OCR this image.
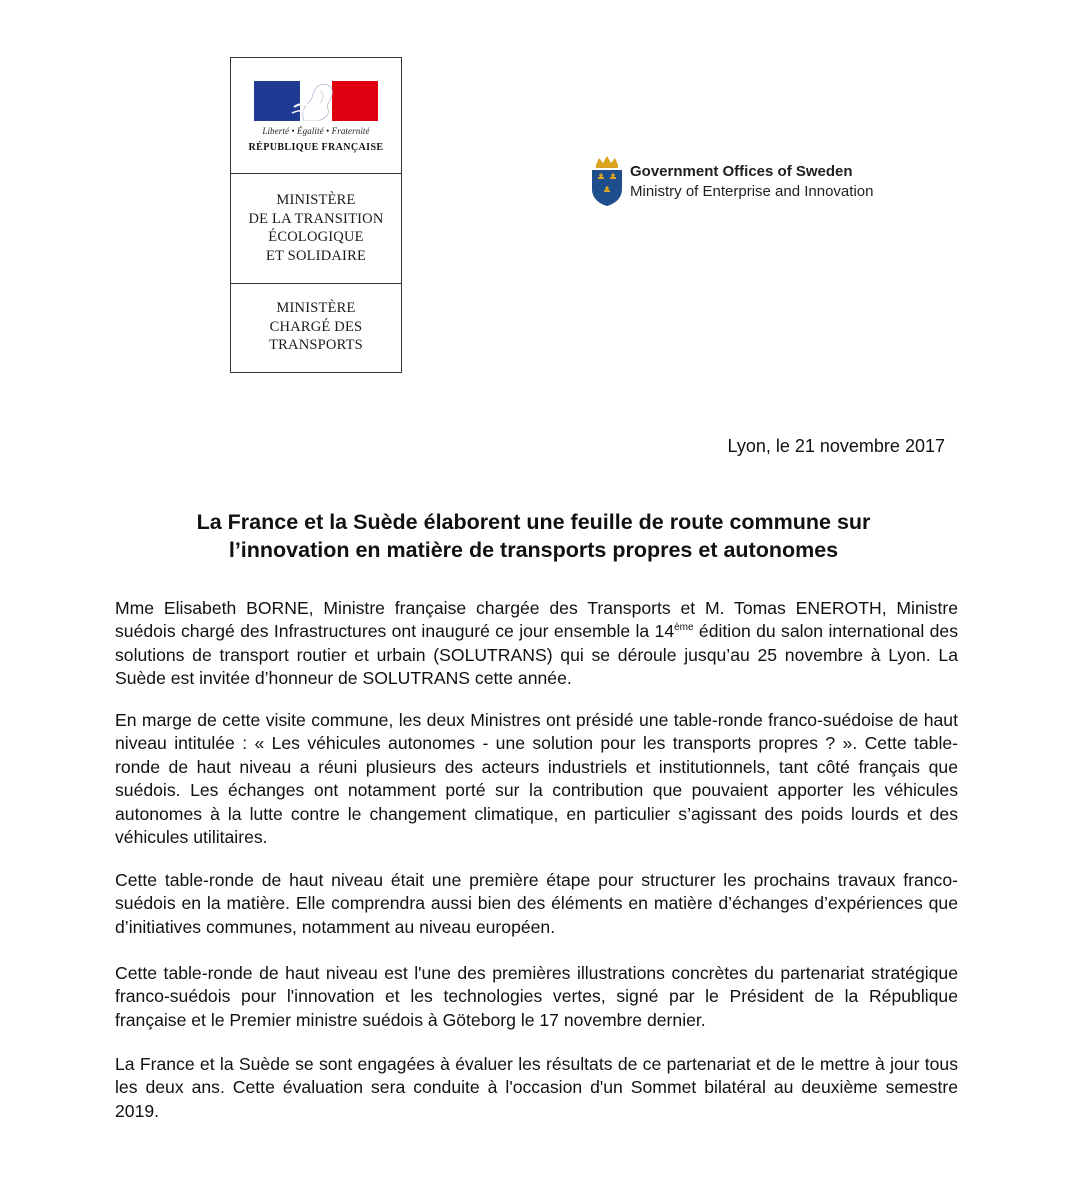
Liberté • Égalité • Fraternité
RÉPUBLIQUE FRANÇAISE
MINISTÈRE
DE LA TRANSITION
ÉCOLOGIQUE
ET SOLIDAIRE
MINISTÈRE
CHARGÉ DES
TRANSPORTS
Government Offices of Sweden
Ministry of Enterprise and Innovation
Lyon, le 21 novembre 2017
La France et la Suède élaborent une feuille de route commune sur
l’innovation en matière de transports propres et autonomes

Mme Elisabeth BORNE, Ministre française chargée des Transports et M. Tomas ENEROTH, Ministre suédois chargé des Infrastructures ont inauguré ce jour ensemble la 14ème édition du salon international des solutions de transport routier et urbain (SOLUTRANS) qui se déroule jusqu’au 25 novembre à Lyon. La Suède est invitée d’honneur de SOLUTRANS cette année.

En marge de cette visite commune, les deux Ministres ont présidé une table-ronde franco-suédoise de haut niveau intitulée : « Les véhicules autonomes - une solution pour les transports propres ? ». Cette table-ronde de haut niveau a réuni plusieurs des acteurs industriels et institutionnels, tant côté français que suédois. Les échanges ont notamment porté sur la contribution que pouvaient apporter les véhicules autonomes à la lutte contre le changement climatique, en particulier s’agissant des poids lourds et des véhicules utilitaires.

Cette table-ronde de haut niveau était une première étape pour structurer les prochains travaux franco-suédois en la matière. Elle comprendra aussi bien des éléments en matière d’échanges d’expériences que d’initiatives communes, notamment au niveau européen.

Cette table-ronde de haut niveau est l'une des premières illustrations concrètes du partenariat stratégique franco-suédois pour l'innovation et les technologies vertes, signé par le Président de la République française et le Premier ministre suédois à Göteborg le 17 novembre dernier.

La France et la Suède se sont engagées à évaluer les résultats de ce partenariat et de le mettre à jour tous les deux ans. Cette évaluation sera conduite à l'occasion d'un Sommet bilatéral au deuxième semestre 2019.
